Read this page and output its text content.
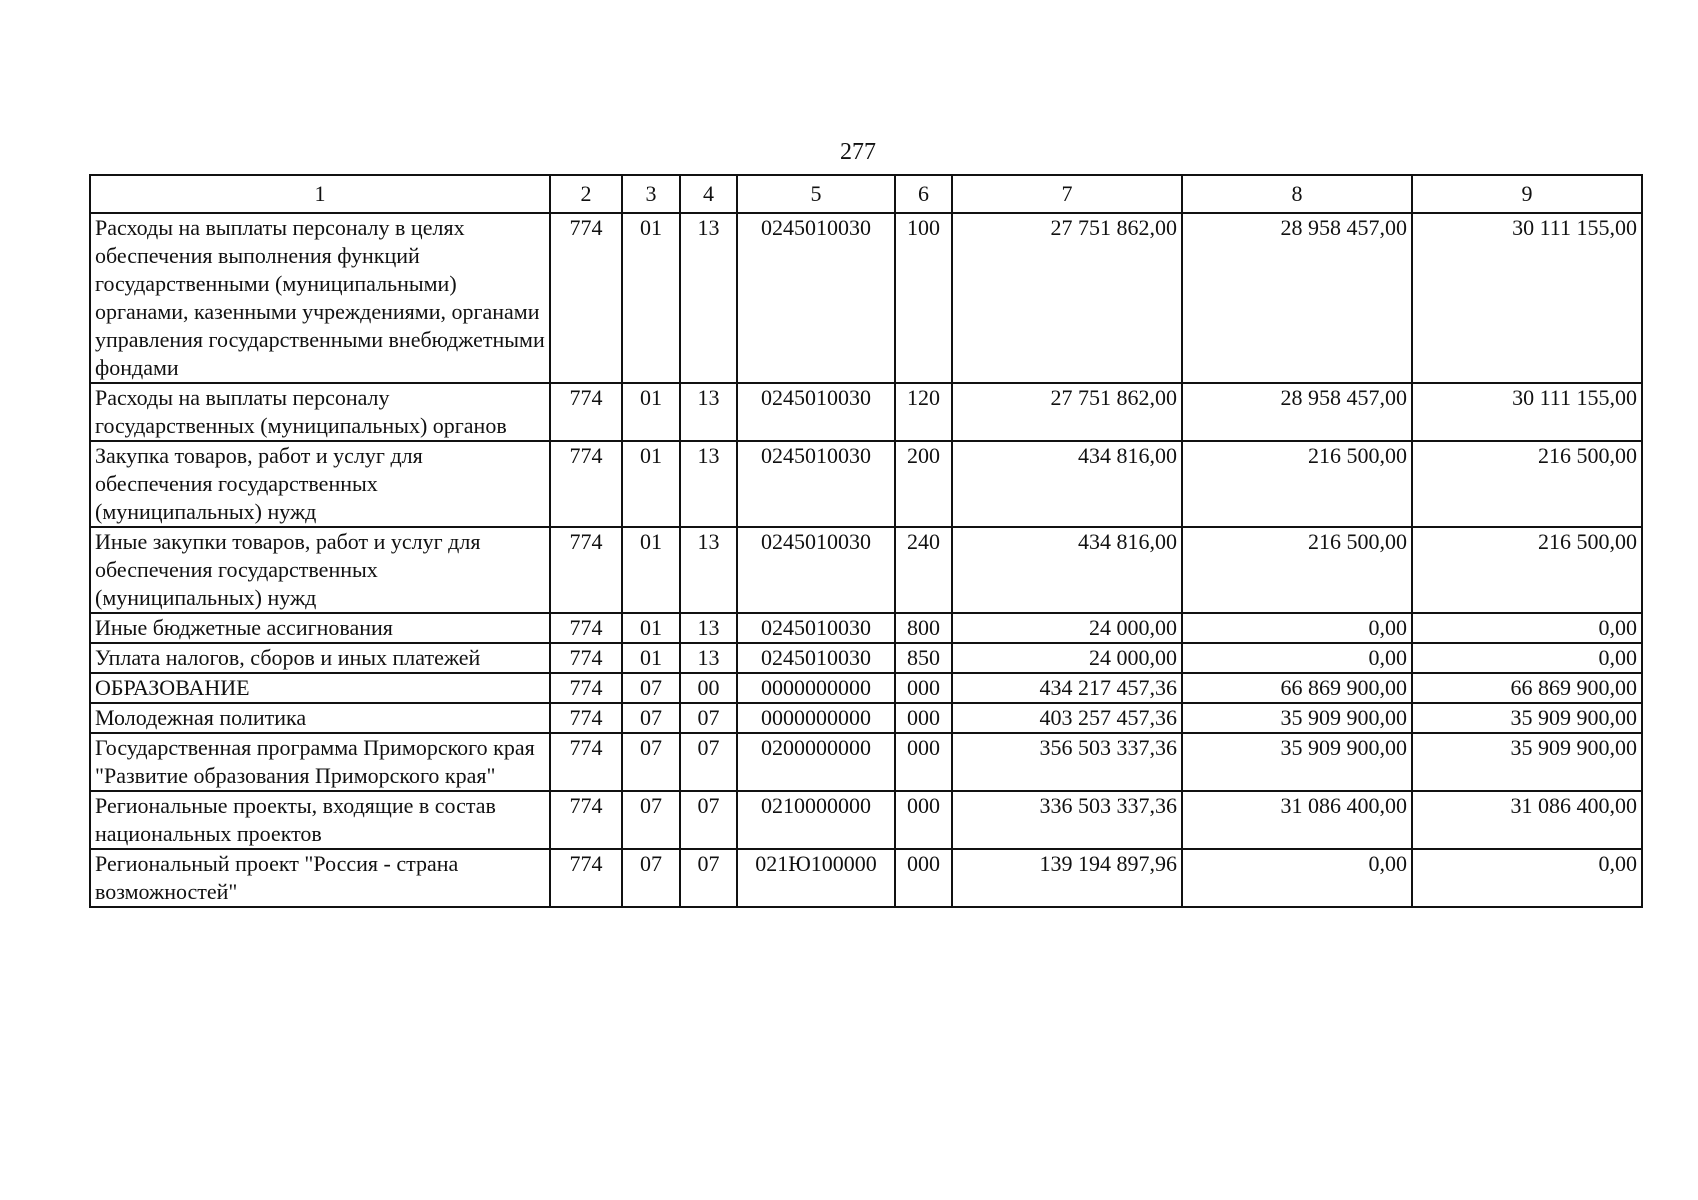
277
1	2	3	4	5	6	7	8	9
Расходы на выплаты персоналу в целях обеспечения выполнения функций государственными (муниципальными) органами, казенными учреждениями, органами управления государственными внебюджетными фондами	774	01	13	0245010030	100	27 751 862,00	28 958 457,00	30 111 155,00
Расходы на выплаты персоналу государственных (муниципальных) органов	774	01	13	0245010030	120	27 751 862,00	28 958 457,00	30 111 155,00
Закупка товаров, работ и услуг для обеспечения государственных (муниципальных) нужд	774	01	13	0245010030	200	434 816,00	216 500,00	216 500,00
Иные закупки товаров, работ и услуг для обеспечения государственных (муниципальных) нужд	774	01	13	0245010030	240	434 816,00	216 500,00	216 500,00
Иные бюджетные ассигнования	774	01	13	0245010030	800	24 000,00	0,00	0,00
Уплата налогов, сборов и иных платежей	774	01	13	0245010030	850	24 000,00	0,00	0,00
ОБРАЗОВАНИЕ	774	07	00	0000000000	000	434 217 457,36	66 869 900,00	66 869 900,00
Молодежная политика	774	07	07	0000000000	000	403 257 457,36	35 909 900,00	35 909 900,00
Государственная программа Приморского края "Развитие образования Приморского края"	774	07	07	0200000000	000	356 503 337,36	35 909 900,00	35 909 900,00
Региональные проекты, входящие в состав национальных проектов	774	07	07	0210000000	000	336 503 337,36	31 086 400,00	31 086 400,00
Региональный проект "Россия - страна возможностей"	774	07	07	021Ю100000	000	139 194 897,96	0,00	0,00
